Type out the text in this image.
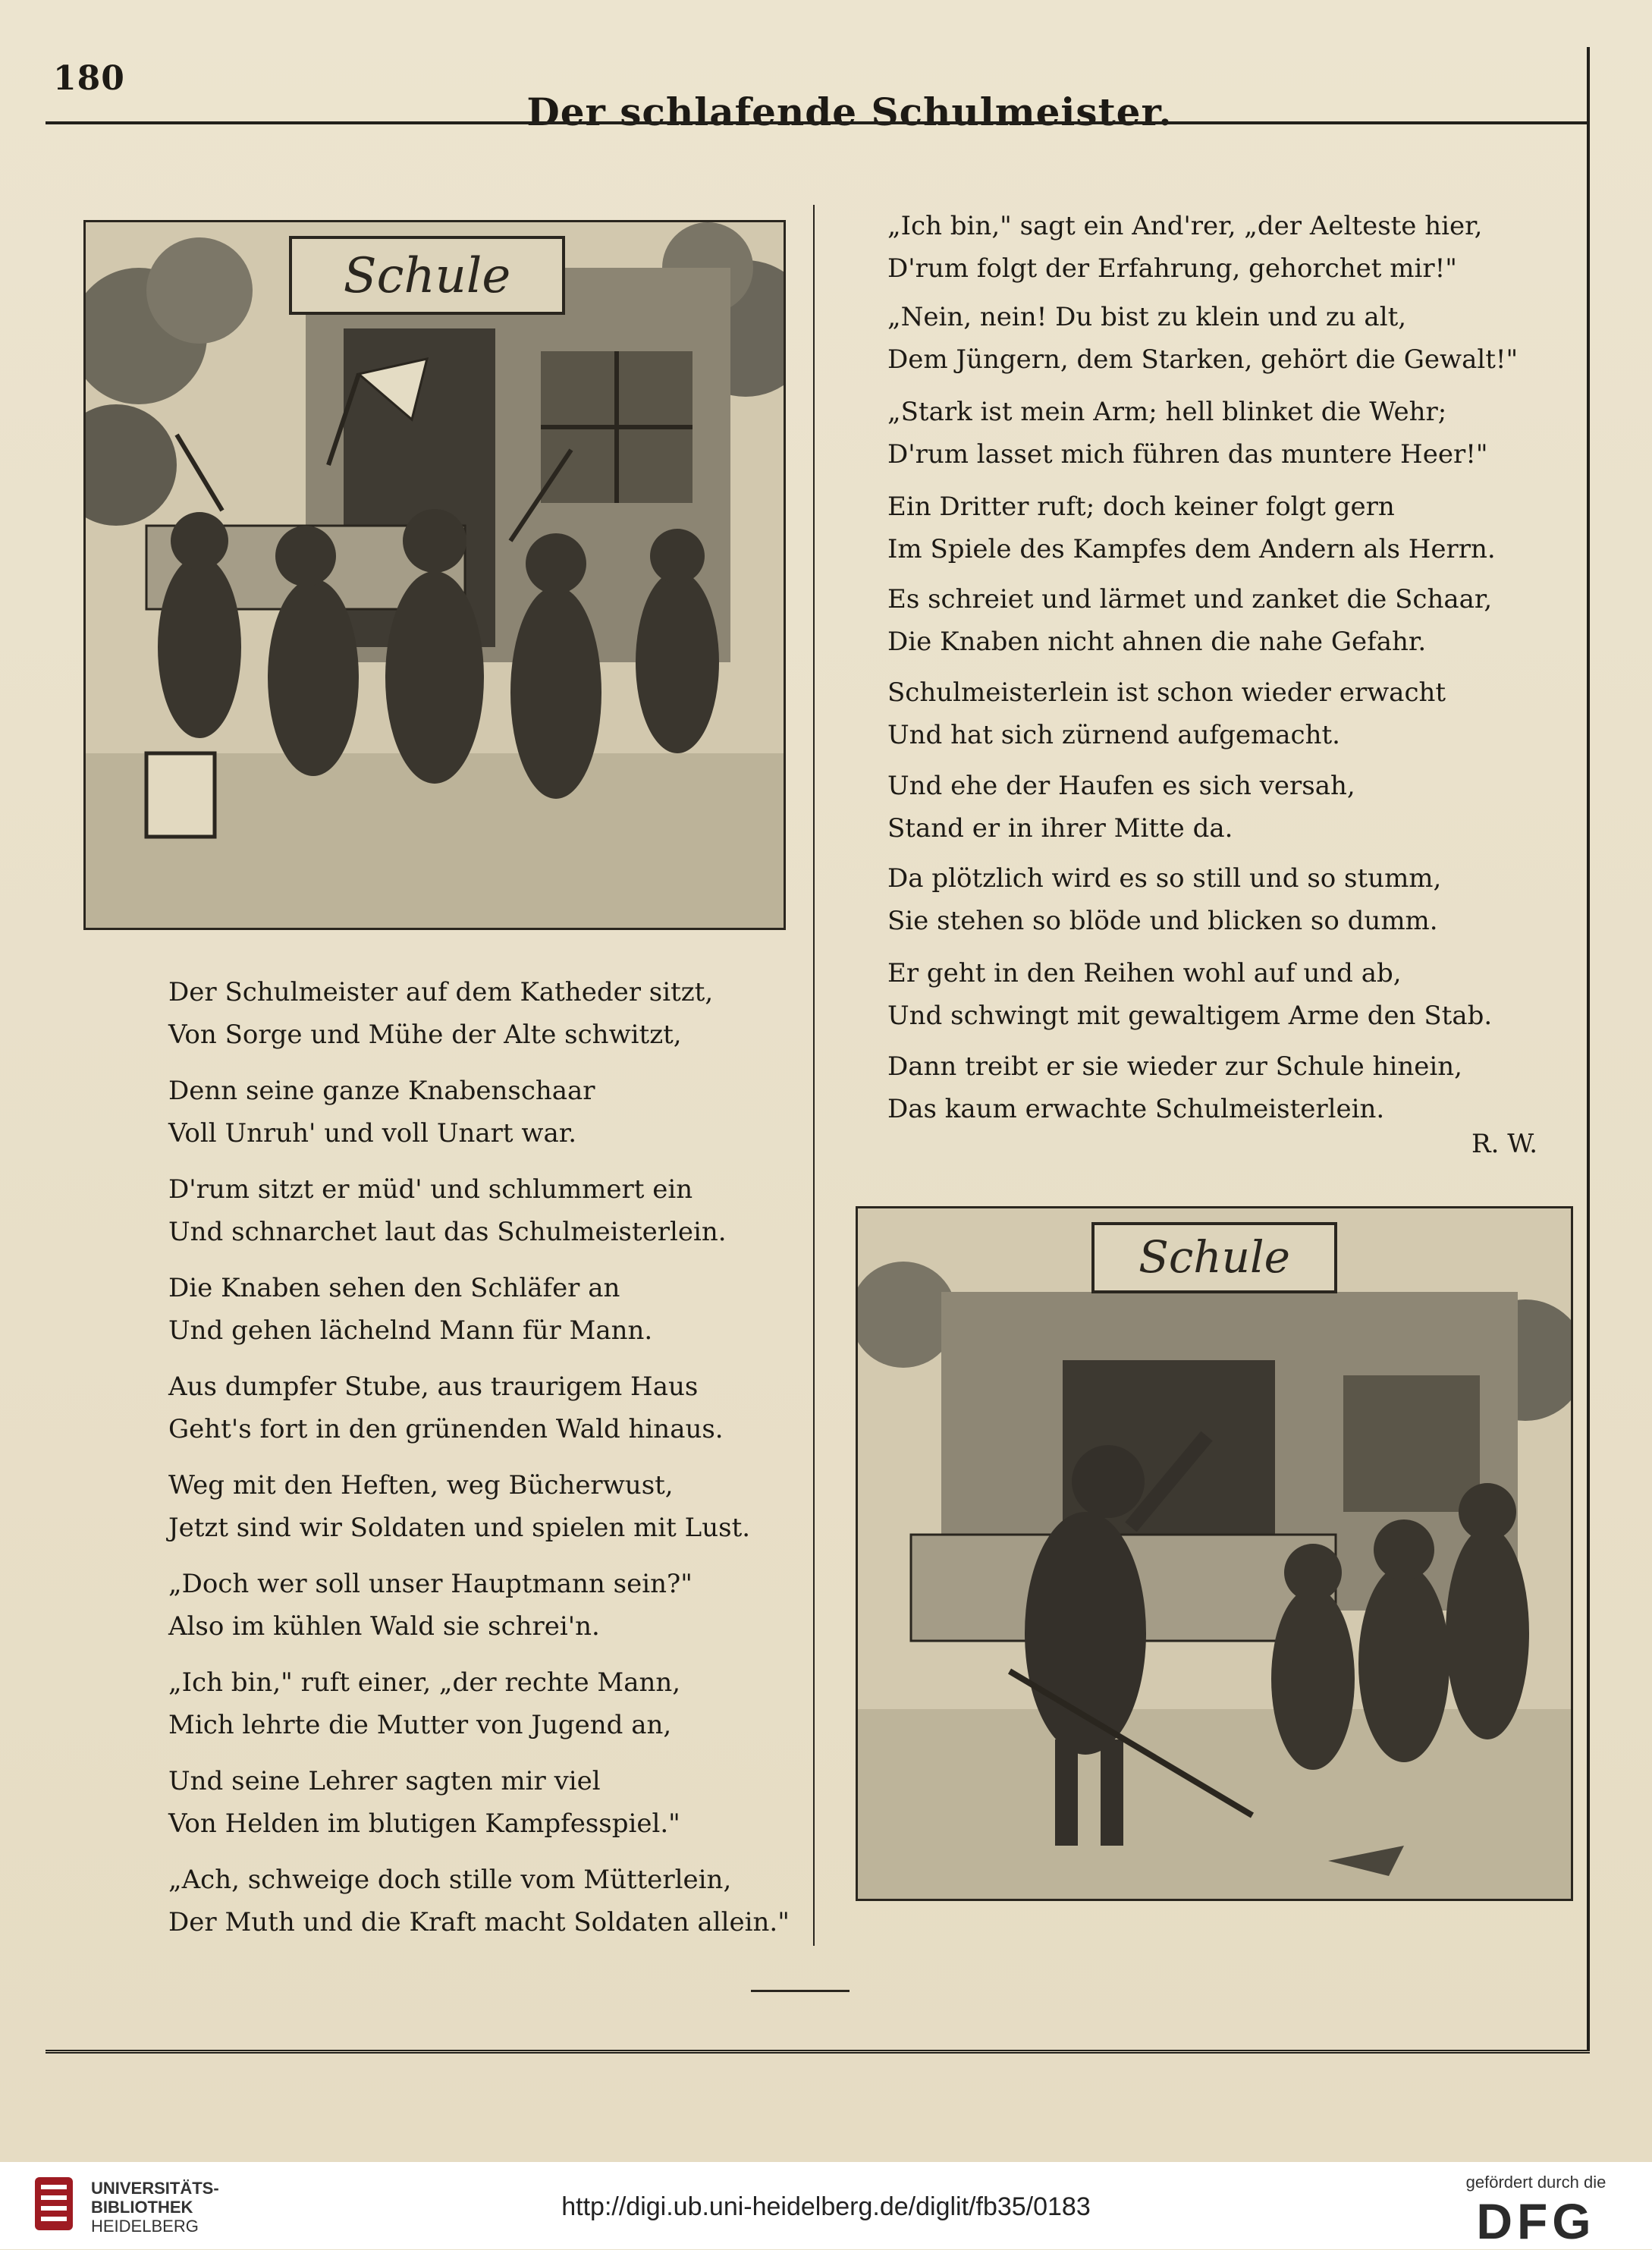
180
Der schlafende Schulmeister.
Schule
Schule
Der Schulmeister auf dem Katheder sitzt,
Von Sorge und Mühe der Alte schwitzt,
Denn seine ganze Knabenschaar
Voll Unruh' und voll Unart war.
D'rum sitzt er müd' und schlummert ein
Und schnarchet laut das Schulmeisterlein.
Die Knaben sehen den Schläfer an
Und gehen lächelnd Mann für Mann.
Aus dumpfer Stube, aus traurigem Haus
Geht's fort in den grünenden Wald hinaus.
Weg mit den Heften, weg Bücherwust,
Jetzt sind wir Soldaten und spielen mit Lust.
„Doch wer soll unser Hauptmann sein?"
Also im kühlen Wald sie schrei'n.
„Ich bin," ruft einer, „der rechte Mann,
Mich lehrte die Mutter von Jugend an,
Und seine Lehrer sagten mir viel
Von Helden im blutigen Kampfesspiel."
„Ach, schweige doch stille vom Mütterlein,
Der Muth und die Kraft macht Soldaten allein."
„Ich bin," sagt ein And'rer, „der Aelteste hier,
D'rum folgt der Erfahrung, gehorchet mir!"
„Nein, nein! Du bist zu klein und zu alt,
Dem Jüngern, dem Starken, gehört die Gewalt!"
„Stark ist mein Arm; hell blinket die Wehr;
D'rum lasset mich führen das muntere Heer!"
Ein Dritter ruft; doch keiner folgt gern
Im Spiele des Kampfes dem Andern als Herrn.
Es schreiet und lärmet und zanket die Schaar,
Die Knaben nicht ahnen die nahe Gefahr.
Schulmeisterlein ist schon wieder erwacht
Und hat sich zürnend aufgemacht.
Und ehe der Haufen es sich versah,
Stand er in ihrer Mitte da.
Da plötzlich wird es so still und so stumm,
Sie stehen so blöde und blicken so dumm.
Er geht in den Reihen wohl auf und ab,
Und schwingt mit gewaltigem Arme den Stab.
Dann treibt er sie wieder zur Schule hinein,
Das kaum erwachte Schulmeisterlein.
R. W.
UNIVERSITÄTS-
BIBLIOTHEK
HEIDELBERG
http://digi.ub.uni-heidelberg.de/diglit/fb35/0183
gefördert durch die
DFG
